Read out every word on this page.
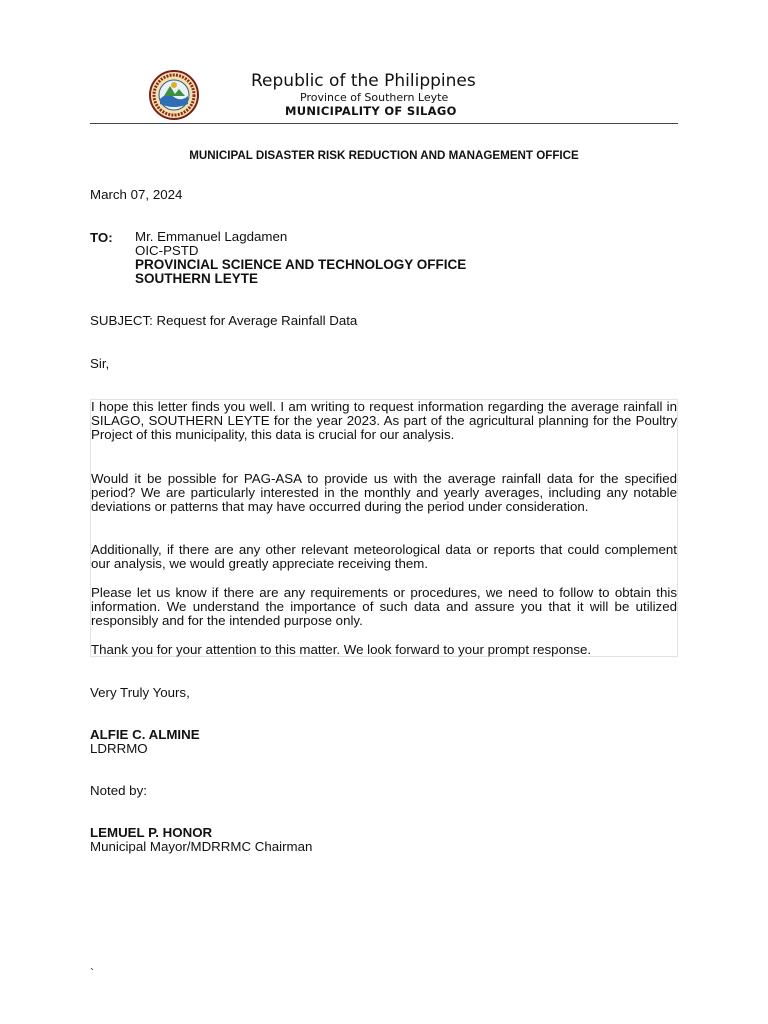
Republic of the Philippines
Province of Southern Leyte
MUNICIPALITY OF SILAGO
MUNICIPAL DISASTER RISK REDUCTION AND MANAGEMENT OFFICE
March 07, 2024
TO: Mr. Emmanuel Lagdamen
OIC-PSTD
PROVINCIAL SCIENCE AND TECHNOLOGY OFFICE
SOUTHERN LEYTE
SUBJECT: Request for Average Rainfall Data
Sir,
I hope this letter finds you well. I am writing to request information regarding the average rainfall in SILAGO, SOUTHERN LEYTE for the year 2023. As part of the agricultural planning for the Poultry Project of this municipality, this data is crucial for our analysis.
Would it be possible for PAG-ASA to provide us with the average rainfall data for the specified period? We are particularly interested in the monthly and yearly averages, including any notable deviations or patterns that may have occurred during the period under consideration.
Additionally, if there are any other relevant meteorological data or reports that could complement our analysis, we would greatly appreciate receiving them.
Please let us know if there are any requirements or procedures, we need to follow to obtain this information. We understand the importance of such data and assure you that it will be utilized responsibly and for the intended purpose only.
Thank you for your attention to this matter. We look forward to your prompt response.
Very Truly Yours,
ALFIE C. ALMINE
LDRRMO
Noted by:
LEMUEL P. HONOR
Municipal Mayor/MDRRMC Chairman
`
